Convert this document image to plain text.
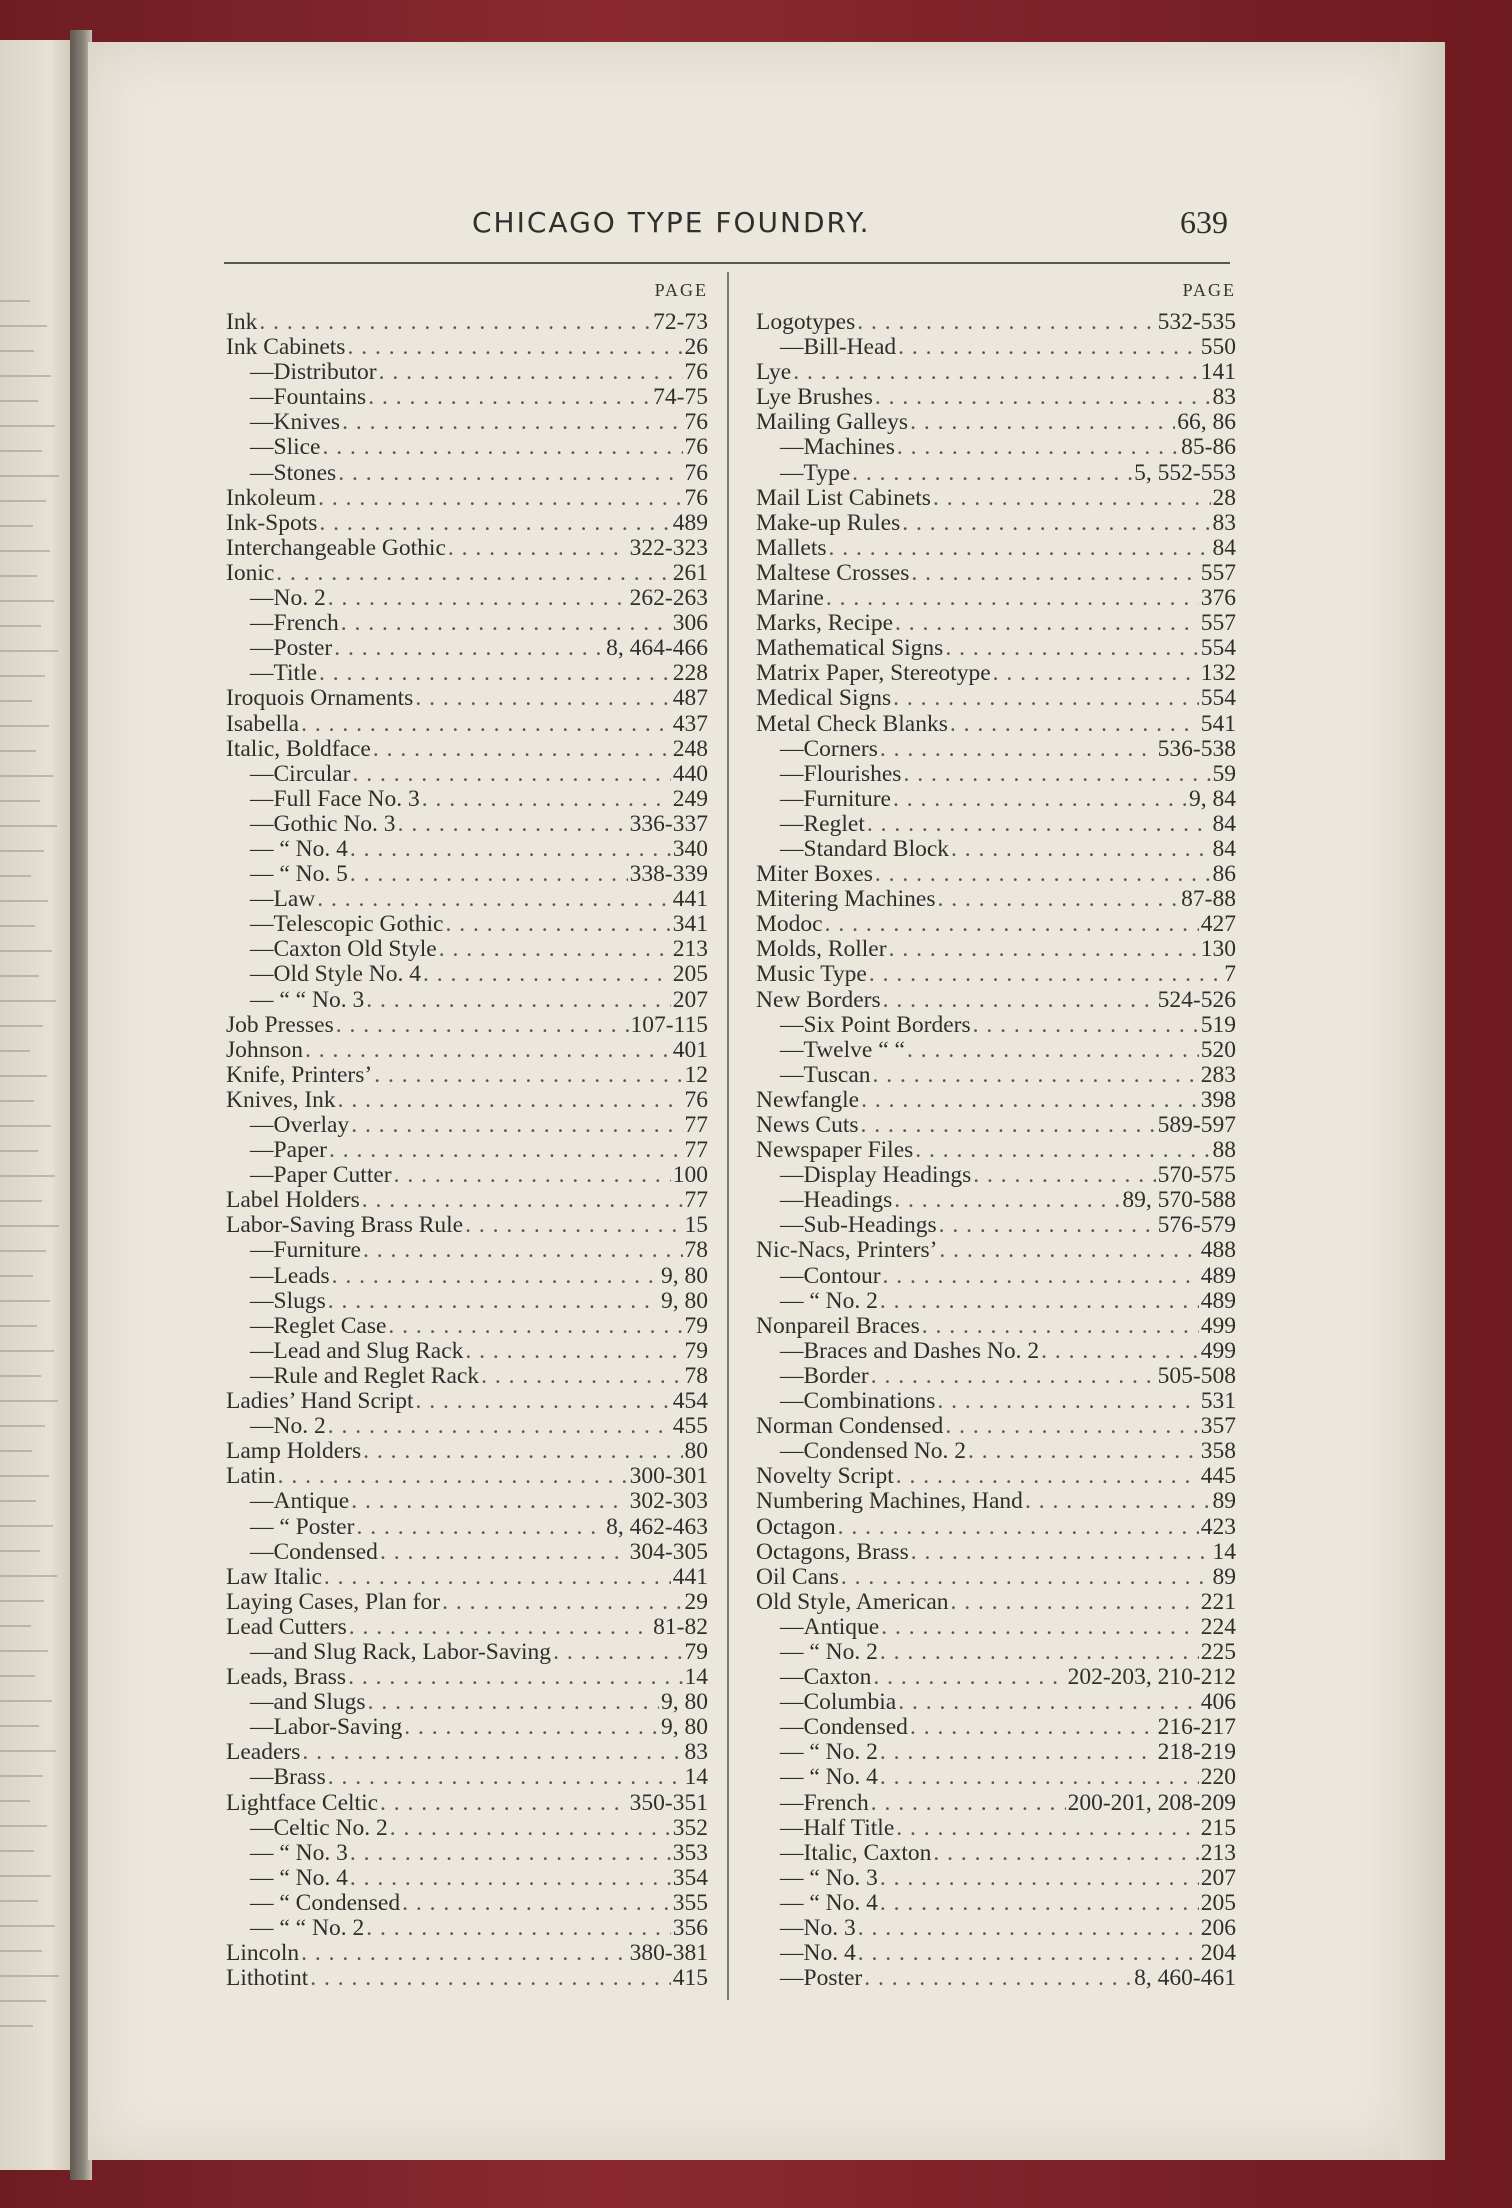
CHICAGO TYPE FOUNDRY.	639
PAGE
Ink . . .	72-73
Ink Cabinets . . .	26
—Distributor . . .	76
—Fountains . . .	74-75
—Knives . . .	76
—Slice . . .	76
—Stones . . .	76
Inkoleum . . .	76
Ink-Spots . . .	489
Interchangeable Gothic . . .	322-323
Ionic . . .	261
—No. 2 . . .	262-263
—French . . .	306
—Poster . . .	8, 464-466
—Title . . .	228
Iroquois Ornaments . . .	487
Isabella . . .	437
Italic, Boldface . . .	248
—Circular . . .	440
—Full Face No. 3 . . .	249
—Gothic No. 3 . . .	336-337
— “ No. 4 . . .	340
— “ No. 5 . . .	338-339
—Law . . .	441
—Telescopic Gothic . . .	341
—Caxton Old Style . . .	213
—Old Style No. 4 . . .	205
— “ “ No. 3 . . .	207
Job Presses . . .	107-115
Johnson . . .	401
Knife, Printers’ . . .	12
Knives, Ink . . .	76
—Overlay . . .	77
—Paper . . .	77
—Paper Cutter . . .	100
Label Holders . . .	77
Labor-Saving Brass Rule . . .	15
—Furniture . . .	78
—Leads . . .	9, 80
—Slugs . . .	9, 80
—Reglet Case . . .	79
—Lead and Slug Rack . . .	79
—Rule and Reglet Rack . . .	78
Ladies’ Hand Script . . .	454
—No. 2 . . .	455
Lamp Holders . . .	80
Latin . . .	300-301
—Antique . . .	302-303
— “ Poster . . .	8, 462-463
—Condensed . . .	304-305
Law Italic . . .	441
Laying Cases, Plan for . . .	29
Lead Cutters . . .	81-82
—and Slug Rack, Labor-Saving . . .	79
Leads, Brass . . .	14
—and Slugs . . .	9, 80
—Labor-Saving . . .	9, 80
Leaders . . .	83
—Brass . . .	14
Lightface Celtic . . .	350-351
—Celtic No. 2 . . .	352
— “ No. 3 . . .	353
— “ No. 4 . . .	354
— “ Condensed . . .	355
— “ “ No. 2 . . .	356
Lincoln . . .	380-381
Lithotint . . .	415
PAGE
Logotypes . . .	532-535
—Bill-Head . . .	550
Lye . . .	141
Lye Brushes . . .	83
Mailing Galleys . . .	66, 86
—Machines . . .	85-86
—Type . . .	5, 552-553
Mail List Cabinets . . .	28
Make-up Rules . . .	83
Mallets . . .	84
Maltese Crosses . . .	557
Marine . . .	376
Marks, Recipe . . .	557
Mathematical Signs . . .	554
Matrix Paper, Stereotype . . .	132
Medical Signs . . .	554
Metal Check Blanks . . .	541
—Corners . . .	536-538
—Flourishes . . .	59
—Furniture . . .	9, 84
—Reglet . . .	84
—Standard Block . . .	84
Miter Boxes . . .	86
Mitering Machines . . .	87-88
Modoc . . .	427
Molds, Roller . . .	130
Music Type . . .	7
New Borders . . .	524-526
—Six Point Borders . . .	519
—Twelve “ “ . . .	520
—Tuscan . . .	283
Newfangle . . .	398
News Cuts . . .	589-597
Newspaper Files . . .	88
—Display Headings . . .	570-575
—Headings . . .	89, 570-588
—Sub-Headings . . .	576-579
Nic-Nacs, Printers’ . . .	488
—Contour . . .	489
— “ No. 2 . . .	489
Nonpareil Braces . . .	499
—Braces and Dashes No. 2 . . .	499
—Border . . .	505-508
—Combinations . . .	531
Norman Condensed . . .	357
—Condensed No. 2 . . .	358
Novelty Script . . .	445
Numbering Machines, Hand . . .	89
Octagon . . .	423
Octagons, Brass . . .	14
Oil Cans . . .	89
Old Style, American . . .	221
—Antique . . .	224
— “ No. 2 . . .	225
—Caxton . . .	202-203, 210-212
—Columbia . . .	406
—Condensed . . .	216-217
— “ No. 2 . . .	218-219
— “ No. 4 . . .	220
—French . . .	200-201, 208-209
—Half Title . . .	215
—Italic, Caxton . . .	213
— “ No. 3 . . .	207
— “ No. 4 . . .	205
—No. 3 . . .	206
—No. 4 . . .	204
—Poster . . .	8, 460-461
